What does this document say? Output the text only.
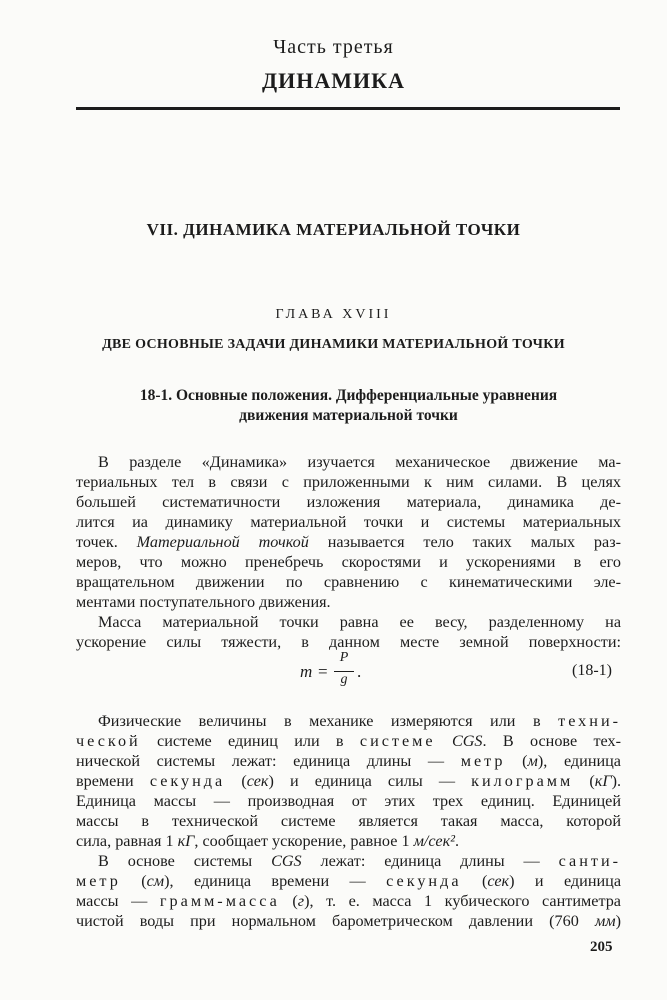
Часть третья
ДИНАМИКА
VII. ДИНАМИКА МАТЕРИАЛЬНОЙ ТОЧКИ
ГЛАВА XVIII
ДВЕ ОСНОВНЫЕ ЗАДАЧИ ДИНАМИКИ МАТЕРИАЛЬНОЙ ТОЧКИ
18-1. Основные положения. Дифференциальные уравнения
движения материальной точки
В разделе «Динамика» изучается механическое движение ма-
териальных тел в связи с приложенными к ним силами. В целях
большей систематичности изложения материала, динамика де-
лится иа динамику материальной точки и системы материальных
точек. Материальной точкой называется тело таких малых раз-
меров, что можно пренебречь скоростями и ускорениями в его
вращательном движении по сравнению с кинематическими эле-
ментами поступательного движения.
Масса материальной точки равна ее весу, разделенному на
ускорение силы тяжести, в данном месте земной поверхности:
m =
P
g .	(18-1)
Физические величины в механике измеряются или в техни-
ческой системе единиц или в системе CGS. В основе тех-
нической системы лежат: единица длины — метр (м), единица
времени секунда (сек) и единица силы — килограмм (кГ).
Единица массы — производная от этих трех единиц. Единицей
массы в технической системе является такая масса, которой
сила, равная 1 кГ, сообщает ускорение, равное 1 м/сек².
В основе системы CGS лежат: единица длины — санти-
метр (см), единица времени — секунда (сек) и единица
массы — грамм-масса (г), т. е. масса 1 кубического сантиметра
чистой воды при нормальном барометрическом давлении (760 мм)
205
